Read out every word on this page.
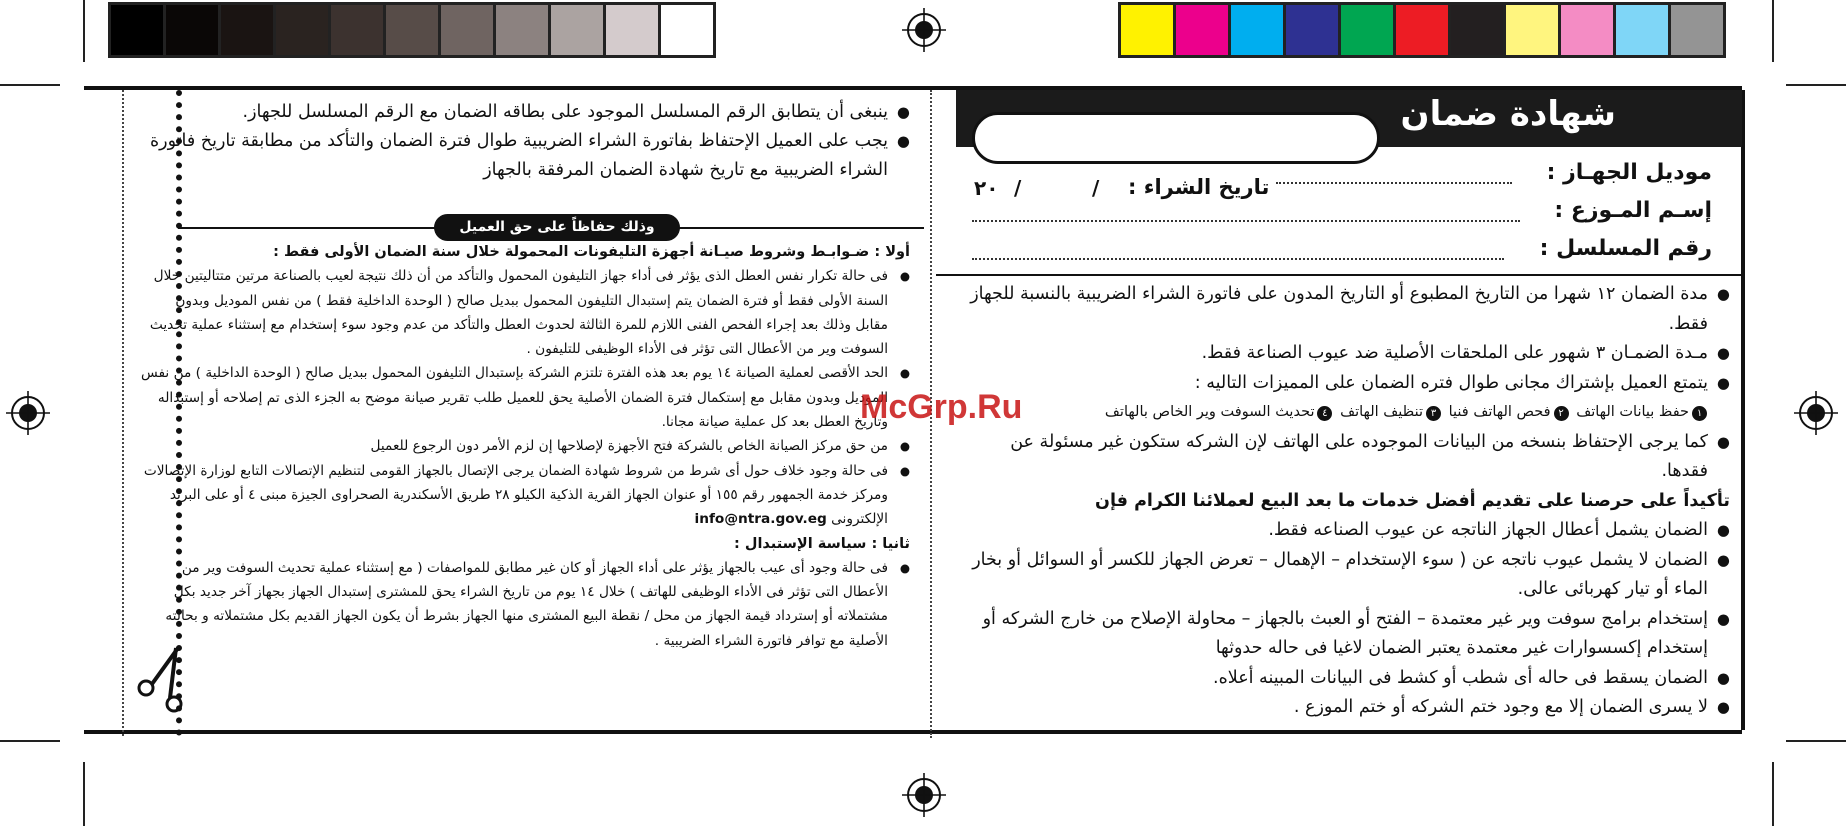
شهادة ضمان
موديل الجهـاز :
إسـم المـوزع :
رقم المسلسل :
تاريخ الشراء :
/
/
٢٠
● مدة الضمان ١٢ شهرا من التاريخ المطبوع أو التاريخ المدون على فاتورة الشراء الضريبية بالنسبة للجهاز فقط.
● مـدة الضمـان ٣ شهور على الملحقات الأصلية ضد عيوب الصناعة فقط.
● يتمتع العميل بإشتراك مجانى طوال فتره الضمان على المميزات التاليه :
١حفظ بيانات الهاتف ٢فحص الهاتف فنيا ٣تنظيف الهاتف ٤تحديث السوفت وير الخاص بالهاتف
● كما يرجى الإحتفاظ بنسخه من البيانات الموجوده على الهاتف لإن الشركه ستكون غير مسئولة عن فقدها.
تأكيداً على حرصنا على تقديم أفضل خدمات ما بعد البيع لعملائنا الكرام فإن
● الضمان يشمل أعطال الجهاز الناتجه عن عيوب الصناعه فقط.
● الضمان لا يشمل عيوب ناتجه عن ( سوء الإستخدام – الإهمال – تعرض الجهاز للكسر أو السوائل أو بخار الماء أو تيار كهربائى عالى.
● إستخدام برامج سوفت وير غير معتمدة – الفتح أو العبث بالجهاز – محاولة الإصلاح من خارج الشركه أو إستخدام إكسسوارات غير معتمدة يعتبر الضمان لاغيا فى حاله حدوثها
● الضمان يسقط فى حاله أى شطب أو كشط فى البيانات المبينه أعلاه.
● لا يسرى الضمان إلا مع وجود ختم الشركه أو ختم الموزع .
● ينبغى أن يتطابق الرقم المسلسل الموجود على بطاقه الضمان مع الرقم المسلسل للجهاز.
● يجب على العميل الإحتفاظ بفاتورة الشراء الضريبية طوال فترة الضمان والتأكد من مطابقة تاريخ فاتورة الشراء الضريبية مع تاريخ شهادة الضمان المرفقة بالجهاز
وذلك حفاظاً على حق العميل
أولا : ضـوابـط وشروط صيـانة أجهزة التليفونات المحمولة خلال سنة الضمان الأولى فقط :
● فى حالة تكرار نفس العطل الذى يؤثر فى أداء جهاز التليفون المحمول والتأكد من أن ذلك نتيجة لعيب بالصناعة مرتين متتاليتين خلال السنة الأولى فقط أو فترة الضمان يتم إستبدال التليفون المحمول ببديل صالح ( الوحدة الداخلية فقط ) من نفس الموديل وبدون مقابل وذلك بعد إجراء الفحص الفنى اللازم للمرة الثالثة لحدوث العطل والتأكد من عدم وجود سوء إستخدام مع إستثناء عملية تحديث السوفت وير من الأعطال التى تؤثر فى الأداء الوظيفى للتليفون .
● الحد الأقصى لعملية الصيانة ١٤ يوم بعد هذه الفترة تلتزم الشركة بإستبدال التليفون المحمول ببديل صالح ( الوحدة الداخلية ) من نفس الموديل وبدون مقابل مع إستكمال فترة الضمان الأصلية يحق للعميل طلب تقرير صيانة موضح به الجزء الذى تم إصلاحه أو إستبداله وتاريخ العطل بعد كل عملية صيانة مجانا.
● من حق مركز الصيانة الخاص بالشركة فتح الأجهزة لإصلاحها إن لزم الأمر دون الرجوع للعميل
● فى حالة وجود خلاف حول أى شرط من شروط شهادة الضمان يرجى الإتصال بالجهاز القومى لتنظيم الإتصالات التابع لوزارة الإتصالات ومركز خدمة الجمهور رقم ١٥٥ أو عنوان الجهاز القرية الذكية الكيلو ٢٨ طريق الأسكندرية الصحراوى الجيزة مبنى ٤ أو على البريد الإلكترونى info@ntra.gov.eg
ثانيا : سياسة الإستبدال :
● فى حالة وجود أى عيب بالجهاز يؤثر على أداء الجهاز أو كان غير مطابق للمواصفات ( مع إستثناء عملية تحديث السوفت وير من الأعطال التى تؤثر فى الأداء الوظيفى للهاتف ) خلال ١٤ يوم من تاريخ الشراء يحق للمشترى إستبدال الجهاز بجهاز آخر جديد بكل مشتملاته أو إسترداد قيمة الجهاز من محل / نقطة البيع المشترى منها الجهاز بشرط أن يكون الجهاز القديم بكل مشتملاته و بحالته الأصلية مع توافر فاتورة الشراء الضريبية .
McGrp.Ru
